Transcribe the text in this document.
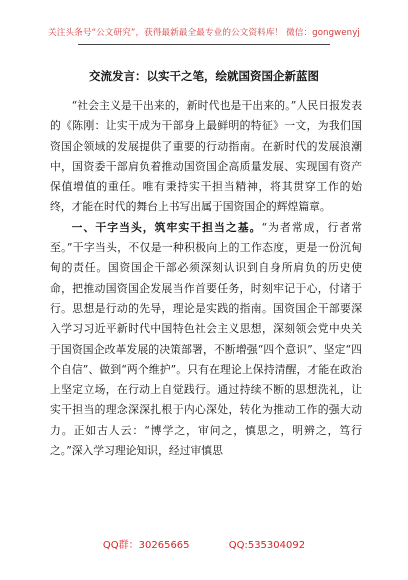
关注头条号“公文研究”，获得最新最全最专业的公文资料库！ 微信：gongwenyj
交流发言：以实干之笔，绘就国资国企新蓝图

“社会主义是干出来的，新时代也是干出来的。”人民日报发表的《陈刚：让实干成为干部身上最鲜明的特征》一文，为我们国资国企领域的发展提供了重要的行动指南。在新时代的发展浪潮中，国资委干部肩负着推动国资国企高质量发展、实现国有资产保值增值的重任。唯有秉持实干担当精神，将其贯穿工作的始终，才能在时代的舞台上书写出属于国资国企的辉煌篇章。

一、干字当头，筑牢实干担当之基。“为者常成，行者常至。”干字当头，不仅是一种积极向上的工作态度，更是一份沉甸甸的责任。国资国企干部必须深刻认识到自身所肩负的历史使命，把推动国资国企发展当作首要任务，时刻牢记于心，付诸于行。思想是行动的先导，理论是实践的指南。国资国企干部要深入学习习近平新时代中国特色社会主义思想，深刻领会党中央关于国资国企改革发展的决策部署，不断增强“四个意识”、坚定“四个自信”、做到“两个维护”。只有在理论上保持清醒，才能在政治上坚定立场，在行动上自觉践行。通过持续不断的思想洗礼，让实干担当的理念深深扎根于内心深处，转化为推动工作的强大动力。正如古人云：“博学之，审问之，慎思之，明辨之，笃行之。”深入学习理论知识，经过审慎思

QQ群：30265665	QQ:535304092
